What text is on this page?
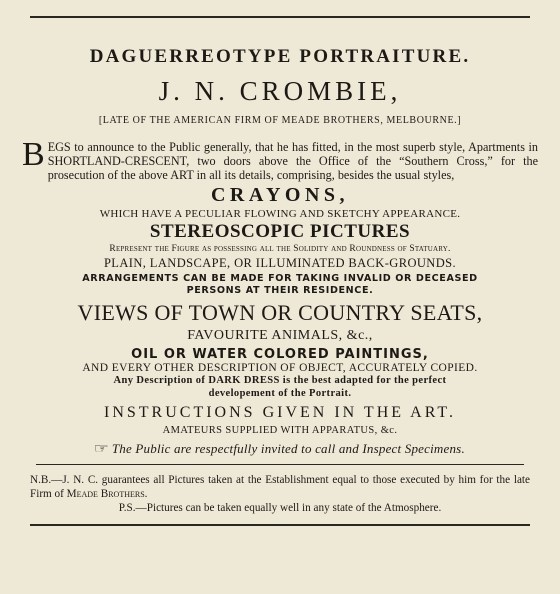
DAGUERREOTYPE PORTRAITURE.
J. N. CROMBIE,
[LATE OF THE AMERICAN FIRM OF MEADE BROTHERS, MELBOURNE.]
BEGS to announce to the Public generally, that he has fitted, in the most superb style, Apartments in SHORTLAND-CRESCENT, two doors above the Office of the “Southern Cross,” for the prosecution of the above ART in all its details, comprising, besides the usual styles,
CRAYONS,
WHICH HAVE A PECULIAR FLOWING AND SKETCHY APPEARANCE.
STEREOSCOPIC PICTURES
Represent the Figure as possessing all the Solidity and Roundness of Statuary.
PLAIN, LANDSCAPE, OR ILLUMINATED BACK-GROUNDS.
ARRANGEMENTS CAN BE MADE FOR TAKING INVALID OR DECEASED
PERSONS AT THEIR RESIDENCE.
VIEWS OF TOWN OR COUNTRY SEATS,
FAVOURITE ANIMALS, &c.,
OIL OR WATER COLORED PAINTINGS,
AND EVERY OTHER DESCRIPTION OF OBJECT, ACCURATELY COPIED.
Any Description of DARK DRESS is the best adapted for the perfect
developement of the Portrait.
INSTRUCTIONS GIVEN IN THE ART.
AMATEURS SUPPLIED WITH APPARATUS, &c.
☞ The Public are respectfully invited to call and Inspect Specimens.
N.B.—J. N. C. guarantees all Pictures taken at the Establishment equal to those executed by him for the late Firm of Meade Brothers.
P.S.—Pictures can be taken equally well in any state of the Atmosphere.
